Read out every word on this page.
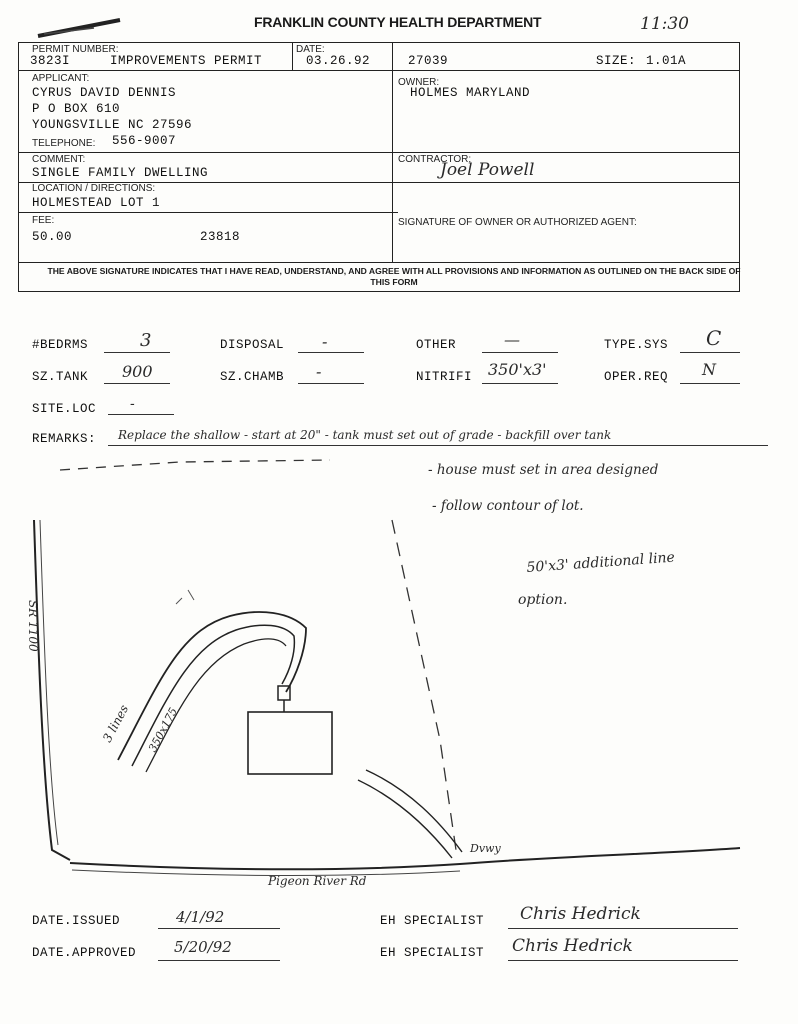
11:30
FRANKLIN COUNTY HEALTH DEPARTMENT
PERMIT NUMBER:
3823I	IMPROVEMENTS PERMIT
DATE:
03.26.92	27039	SIZE: 1.01A
APPLICANT:
CYRUS DAVID DENNIS
P O BOX 610
YOUNGSVILLE NC 27596
TELEPHONE: 556-9007
OWNER:
HOLMES MARYLAND
COMMENT:
SINGLE FAMILY DWELLING
CONTRACTOR:
Joel Powell
LOCATION / DIRECTIONS:
HOLMESTEAD LOT 1
FEE:
50.00	23818
SIGNATURE OF OWNER OR AUTHORIZED AGENT:
THE ABOVE SIGNATURE INDICATES THAT I HAVE READ, UNDERSTAND, AND AGREE WITH ALL PROVISIONS AND INFORMATION AS OUTLINED ON THE BACK SIDE OF THIS FORM
#BEDRMS	3	DISPOSAL -	OTHER	—	TYPE.SYS C
SZ.TANK 900	SZ.CHAMB -	NITRIFI 350'x3'	OPER.REQ N
SITE.LOC -
REMARKS: Replace the shallow - start at 20" - tank must set out of grade - backfill over tank
- house must set in area designed
- follow contour of lot.
50'x3' additional line
option.
SR 1100
Pigeon River Rd
3 lines 350x175
Dvwy
DATE.ISSUED	4/1/92
DATE.APPROVED	5/20/92
EH SPECIALIST Chris Hedrick
EH SPECIALIST Chris Hedrick
